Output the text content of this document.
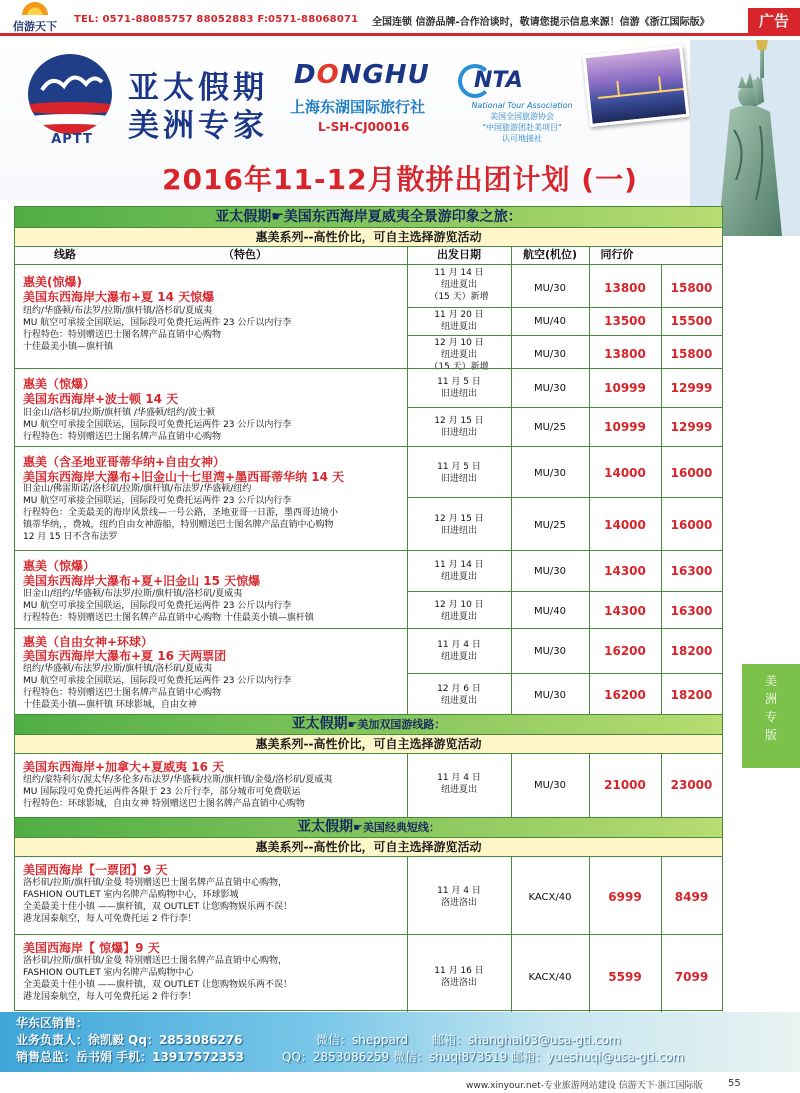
信游天下
TEL: 0571-88085757 88052883 F:0571-88068071 全国连锁 信游品牌-合作洽谈时，敬请您提示信息来源！信游《浙江国际版》	广告
APTT
亚太假期
美洲专家
DONGHU
上海东湖国际旅行社
L-SH-CJ00016
NTA
National Tour Association
美国全国旅游协会
"中国旅游团赴美项目"
认可地接社
2016年11-12月散拼出团计划 (一)
亚太假期☛美国东西海岸夏威夷全景游印象之旅：
惠美系列--高性价比，可自主选择游览活动
线路	（特色）	出发日期	航空(机位)	同行价
惠美(惊爆)
美国东西海岸大瀑布+夏 14 天惊爆
纽约/华盛顿/布法罗/拉斯/旗杆镇/洛杉矶/夏威夷
MU 航空可承接全国联运，国际段可免费托运两件 23 公斤以内行李
行程特色：特别赠送巴士图名牌产品直销中心购物
十佳最美小镇—旗杆镇
11 月 14 日
纽进夏出
（15 天）新增
MU/30	13800	15800
11 月 20 日
纽进夏出	MU/40	13500	15500
12 月 10 日
纽进夏出
（15 天）新增
MU/30	13800	15800
惠美（惊爆）
美国东西海岸+波士顿 14 天
旧金山/洛杉矶/拉斯/旗杆镇 /华盛顿/纽约/波士顿
MU 航空可承接全国联运，国际段可免费托运两件 23 公斤以内行李
行程特色：特别赠送巴士图名牌产品直销中心购物
11 月 5 日
旧进纽出	MU/30	10999	12999
12 月 15 日
旧进纽出	MU/25	10999	12999
惠美（含圣地亚哥蒂华纳+自由女神）
美国东西海岸大瀑布+旧金山十七里湾+墨西哥蒂华纳 14 天
旧金山/佛雷斯诺/洛杉矶/拉斯/旗杆镇/布法罗/华盛顿/纽约
MU 航空可承接全国联运，国际段可免费托运两件 23 公斤以内行李
行程特色：全美最美的海岸风景线—一号公路，圣地亚哥一日游，墨西哥边境小
镇蒂华纳，，费城，纽约自由女神游船，特别赠送巴士图名牌产品直销中心购物
12 月 15 日不含布法罗
11 月 5 日
旧进纽出	MU/30	14000	16000
12 月 15 日
旧进纽出	MU/25	14000	16000
惠美（惊爆）
美国东西海岸大瀑布+夏+旧金山 15 天惊爆
旧金山/纽约/华盛顿/布法罗/拉斯/旗杆镇/洛杉矶/夏威夷
MU 航空可承接全国联运，国际段可免费托运两件 23 公斤以内行李
行程特色：特别赠送巴士图名牌产品直销中心购物 十佳最美小镇—旗杆镇
11 月 14 日
纽进夏出	MU/30	14300	16300
12 月 10 日
纽进夏出	MU/40	14300	16300
惠美（自由女神+环球）
美国东西海岸大瀑布+夏 16 天两票团
纽约/华盛顿/布法罗/拉斯/旗杆镇/洛杉矶/夏威夷
MU 航空可承接全国联运，国际段可免费托运两件 23 公斤以内行李
行程特色：特别赠送巴士图名牌产品直销中心购物
十佳最美小镇—旗杆镇 环球影城，自由女神
11 月 4 日
纽进夏出	MU/30	16200	18200
12 月 6 日
纽进夏出	MU/30	16200	18200
亚太假期☛美加双国游线路：
惠美系列--高性价比，可自主选择游览活动
美国东西海岸+加拿大+夏威夷 16 天
纽约/蒙特利尔/渥太华/多伦多/布法罗/华盛顿/拉斯/旗杆镇/金曼/洛杉矶/夏威夷
MU 国际段可免费托运两件各限于 23 公斤行李，部分城市可免费联运
行程特色：环球影城，自由女神 特别赠送巴士图名牌产品直销中心购物
11 月 4 日
纽进夏出	MU/30	21000	23000
亚太假期☛美国经典短线：
惠美系列--高性价比，可自主选择游览活动
美国西海岸【一票团】9 天
洛杉矶/拉斯/旗杆镇/金曼 特别赠送巴士图名牌产品直销中心购物，
FASHION OUTLET 室内名牌产品购物中心，环球影城
全美最美十佳小镇 ——旗杆镇，双 OUTLET 让您购物娱乐两不误！
港龙国泰航空，每人可免费托运 2 件行李！
11 月 4 日
洛进洛出	KACX/40	6999	8499
美国西海岸【 惊爆】9 天
洛杉矶/拉斯/旗杆镇/金曼 特别赠送巴士图名牌产品直销中心购物，
FASHION OUTLET 室内名牌产品购物中心
全美最美十佳小镇 ——旗杆镇，双 OUTLET 让您购物娱乐两不误！
港龙国泰航空，每人可免费托运 2 件行李！
11 月 16 日
洛进洛出	KACX/40	5599	7099
美
洲
专
版
华东区销售：
业务负责人：徐凯毅 Qq：2853086276	微信：sheppard 邮箱：shanghai03@usa-gti.com
销售总监：岳书娟 手机：13917572353	QQ：2853086259 微信：shuqi873519 邮箱：yueshuqi@usa-gti.com
www.xinyour.net-专业旅游网站建设 信游天下·浙江国际版	55
